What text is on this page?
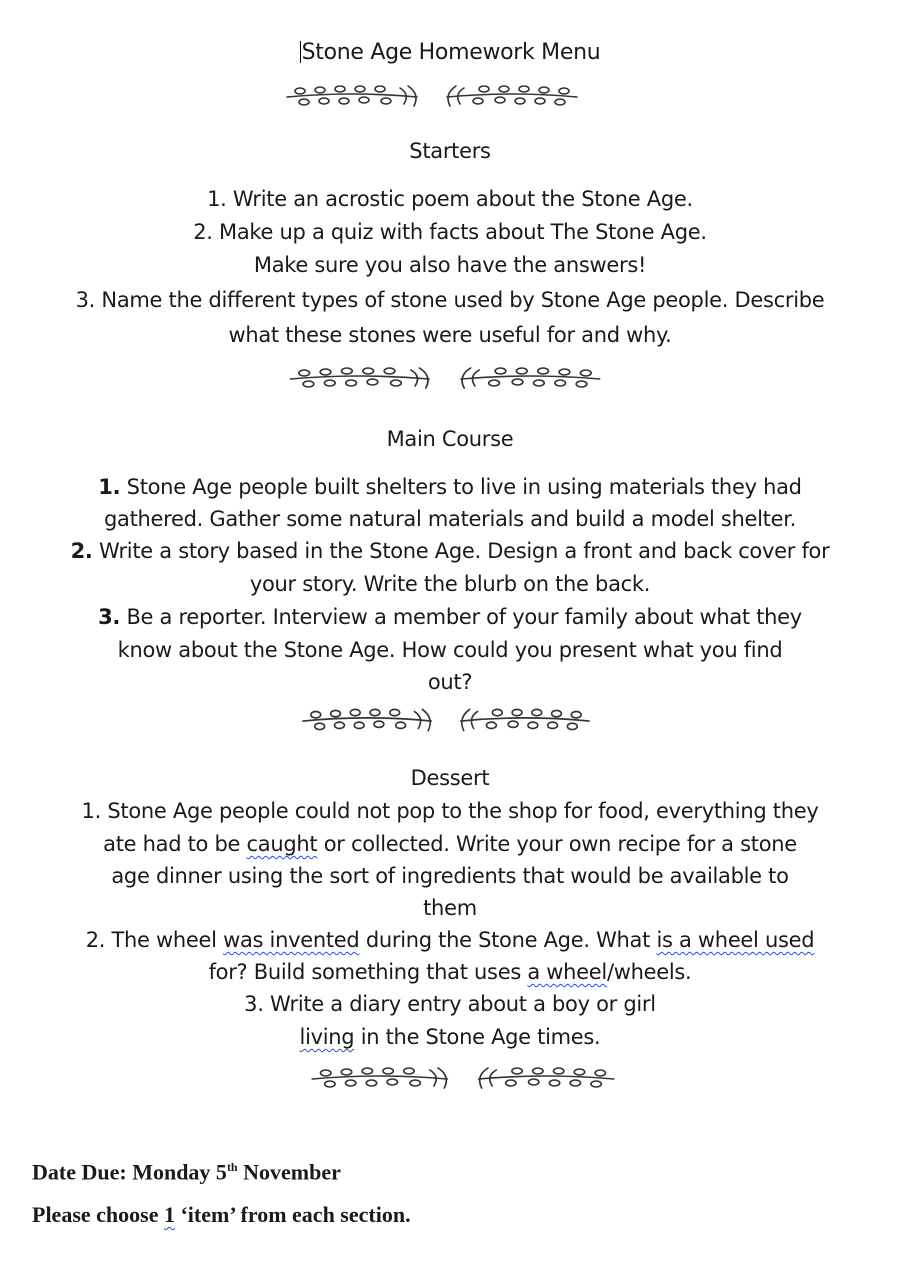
Stone Age Homework Menu
Starters
1. Write an acrostic poem about the Stone Age.
2. Make up a quiz with facts about The Stone Age.
Make sure you also have the answers!
3. Name the different types of stone used by Stone Age people. Describe
what these stones were useful for and why.
Main Course
1. Stone Age people built shelters to live in using materials they had
gathered. Gather some natural materials and build a model shelter.
2. Write a story based in the Stone Age. Design a front and back cover for
your story. Write the blurb on the back.
3. Be a reporter. Interview a member of your family about what they
know about the Stone Age. How could you present what you find
out?
Dessert
1. Stone Age people could not pop to the shop for food, everything they
ate had to be caught or collected. Write your own recipe for a stone
age dinner using the sort of ingredients that would be available to
them
2. The wheel was invented during the Stone Age. What is a wheel used
for? Build something that uses a wheel/wheels.
3. Write a diary entry about a boy or girl
living in the Stone Age times.
Date Due: Monday 5th November
Please choose 1 ‘item’ from each section.
